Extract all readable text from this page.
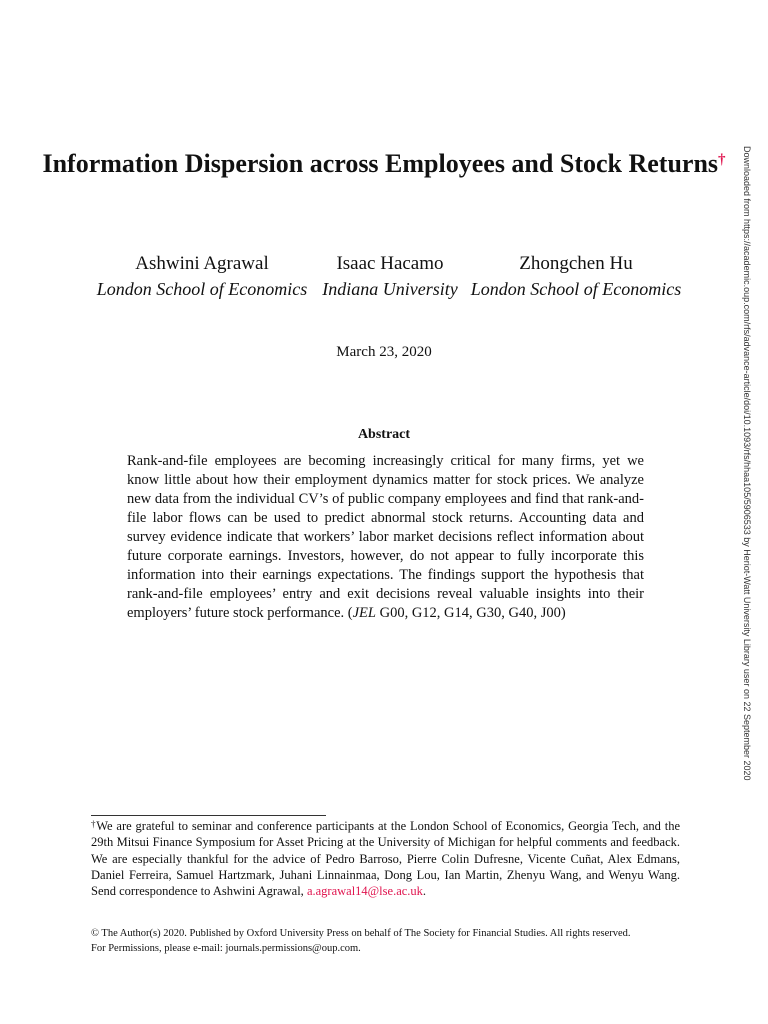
Information Dispersion across Employees and Stock Returns†
Ashwini Agrawal
London School of Economics
Isaac Hacamo
Indiana University
Zhongchen Hu
London School of Economics
March 23, 2020
Abstract
Rank-and-file employees are becoming increasingly critical for many firms, yet we know little about how their employment dynamics matter for stock prices. We analyze new data from the individual CV’s of public company employees and find that rank-and-file labor flows can be used to predict abnormal stock returns. Accounting data and survey evidence indicate that workers’ labor market decisions reflect information about future corporate earnings. Investors, however, do not appear to fully incorporate this information into their earnings expectations. The findings support the hypothesis that rank-and-file employees’ entry and exit decisions reveal valuable insights into their employers’ future stock performance. (JEL G00, G12, G14, G30, G40, J00)
†We are grateful to seminar and conference participants at the London School of Economics, Georgia Tech, and the 29th Mitsui Finance Symposium for Asset Pricing at the University of Michigan for helpful comments and feedback. We are especially thankful for the advice of Pedro Barroso, Pierre Colin Dufresne, Vicente Cuñat, Alex Edmans, Daniel Ferreira, Samuel Hartzmark, Juhani Linnainmaa, Dong Lou, Ian Martin, Zhenyu Wang, and Wenyu Wang. Send correspondence to Ashwini Agrawal, a.agrawal14@lse.ac.uk.
© The Author(s) 2020. Published by Oxford University Press on behalf of The Society for Financial Studies. All rights reserved.
For Permissions, please e-mail: journals.permissions@oup.com.
Downloaded from https://academic.oup.com/rfs/advance-article/doi/10.1093/rfs/hhaa105/5906533 by Heriot-Watt University Library user on 22 September 2020
